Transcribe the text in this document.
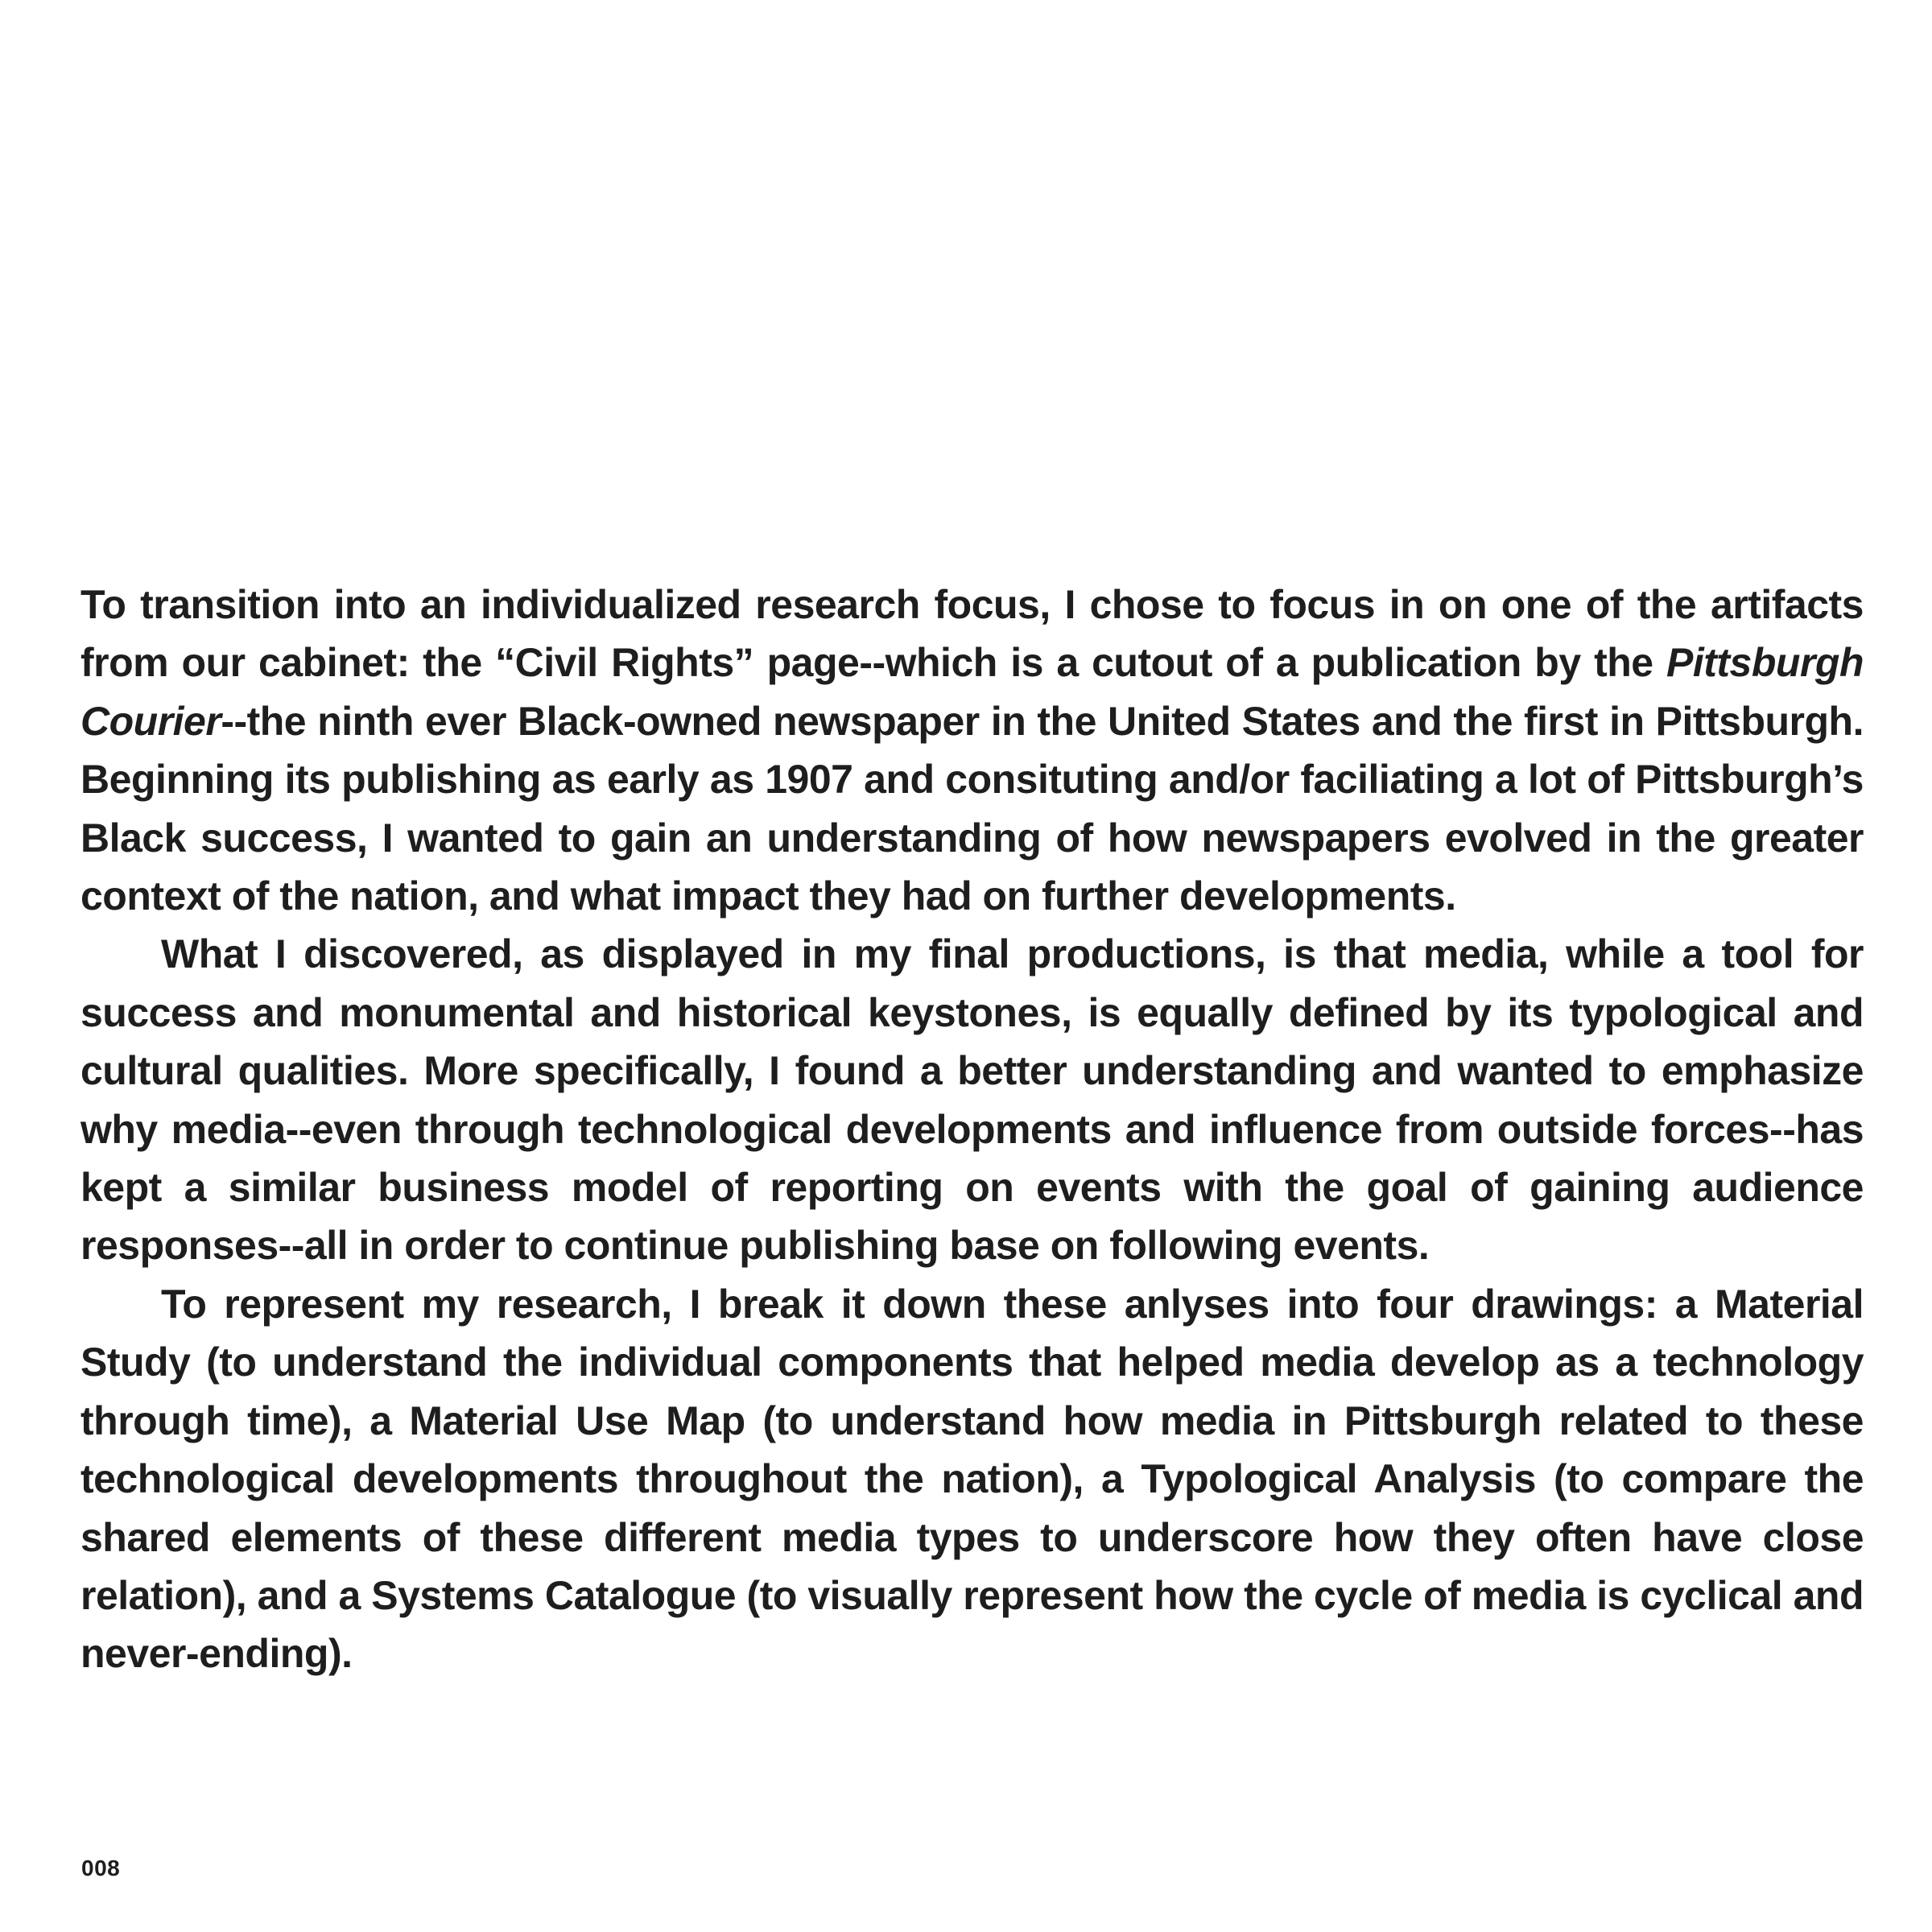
To transition into an individualized research focus, I chose to focus in on one of the artifacts from our cabinet: the “Civil Rights” page--which is a cutout of a publication by the Pittsburgh Courier--the ninth ever Black-owned newspaper in the United States and the first in Pittsburgh. Beginning its publishing as early as 1907 and consituting and/or faciliating a lot of Pittsburgh’s Black success, I wanted to gain an understanding of how newspapers evolved in the greater context of the nation, and what impact they had on further developments.

What I discovered, as displayed in my final productions, is that media, while a tool for success and monumental and historical keystones, is equally defined by its typological and cultural qualities. More specifically, I found a better understanding and wanted to emphasize why media--even through technological developments and influence from outside forces--has kept a similar business model of reporting on events with the goal of gaining audience responses--all in order to continue publishing base on following events.

To represent my research, I break it down these anlyses into four drawings: a Material Study (to understand the individual components that helped media develop as a technology through time), a Material Use Map (to understand how media in Pittsburgh related to these technological developments throughout the nation), a Typological Analysis (to compare the shared elements of these different media types to underscore how they often have close relation), and a Systems Catalogue (to visually represent how the cycle of media is cyclical and never-ending).

008
